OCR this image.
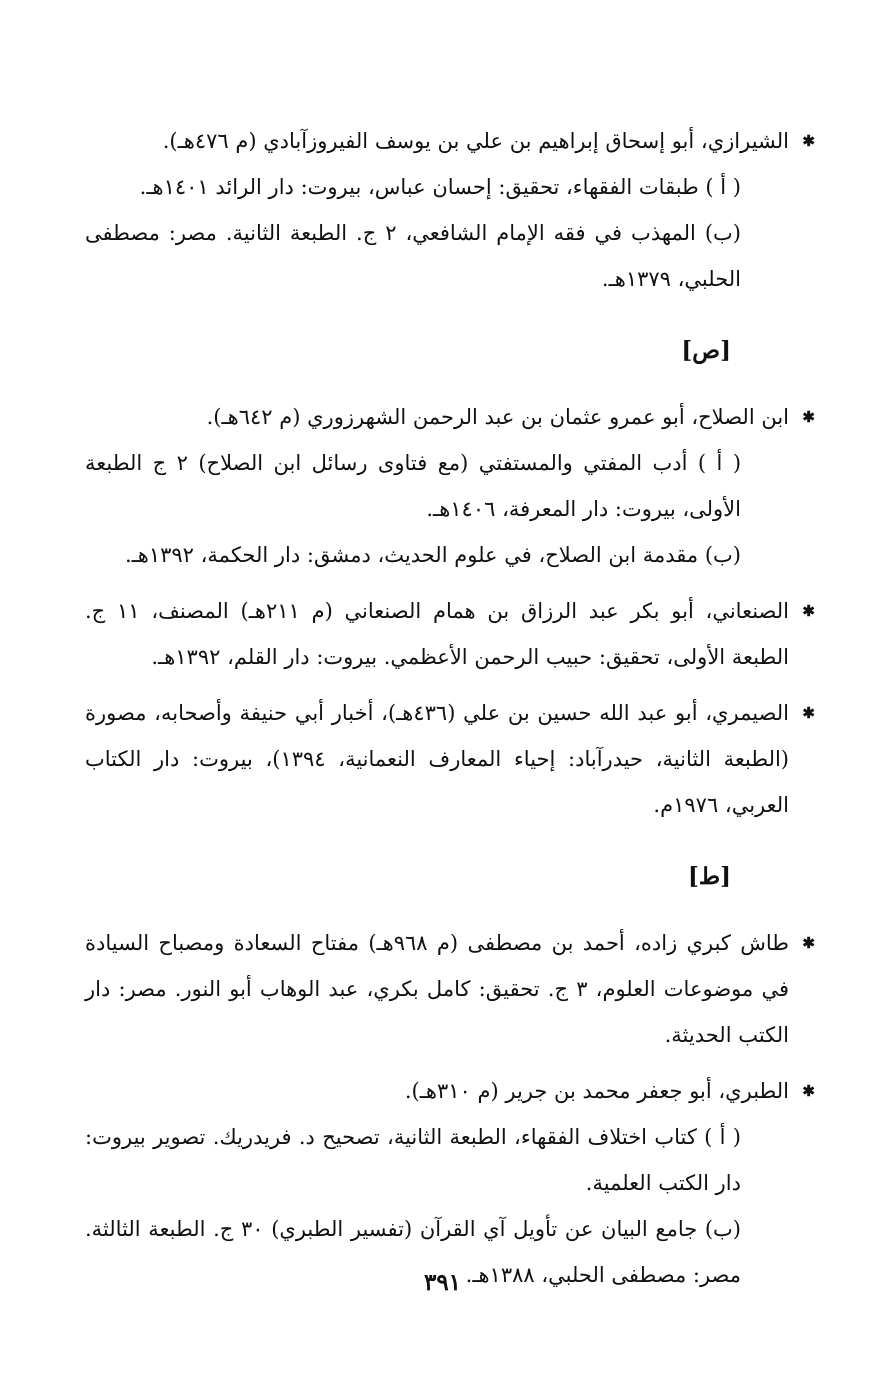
✱
الشيرازي، أبو إسحاق إبراهيم بن علي بن يوسف الفيروزآبادي (م ٤٧٦هـ).
( أ ) طبقات الفقهاء، تحقيق: إحسان عباس، بيروت: دار الرائد ١٤٠١هـ.
(ب) المهذب في فقه الإمام الشافعي، ٢ ج. الطبعة الثانية. مصر: مصطفى الحلبي، ١٣٧٩هـ.
[ص]
✱
ابن الصلاح، أبو عمرو عثمان بن عبد الرحمن الشهرزوري (م ٦٤٢هـ).
( أ ) أدب المفتي والمستفتي (مع فتاوى رسائل ابن الصلاح) ٢ ج الطبعة الأولى، بيروت: دار المعرفة، ١٤٠٦هـ.
(ب) مقدمة ابن الصلاح، في علوم الحديث، دمشق: دار الحكمة، ١٣٩٢هـ.
✱
الصنعاني، أبو بكر عبد الرزاق بن همام الصنعاني (م ٢١١هـ) المصنف، ١١ ج. الطبعة الأولى، تحقيق: حبيب الرحمن الأعظمي. بيروت: دار القلم، ١٣٩٢هـ.
✱
الصيمري، أبو عبد الله حسين بن علي (٤٣٦هـ)، أخبار أبي حنيفة وأصحابه، مصورة (الطبعة الثانية، حيدرآباد: إحياء المعارف النعمانية، ١٣٩٤)، بيروت: دار الكتاب العربي، ١٩٧٦م.
[ط]
✱
طاش كبري زاده، أحمد بن مصطفى (م ٩٦٨هـ) مفتاح السعادة ومصباح السيادة في موضوعات العلوم، ٣ ج. تحقيق: كامل بكري، عبد الوهاب أبو النور. مصر: دار الكتب الحديثة.
✱
الطبري، أبو جعفر محمد بن جرير (م ٣١٠هـ).
( أ ) كتاب اختلاف الفقهاء، الطبعة الثانية، تصحيح د. فريدريك. تصوير بيروت: دار الكتب العلمية.
(ب) جامع البيان عن تأويل آي القرآن (تفسير الطبري) ٣٠ ج. الطبعة الثالثة. مصر: مصطفى الحلبي، ١٣٨٨هـ.
٣٩١
